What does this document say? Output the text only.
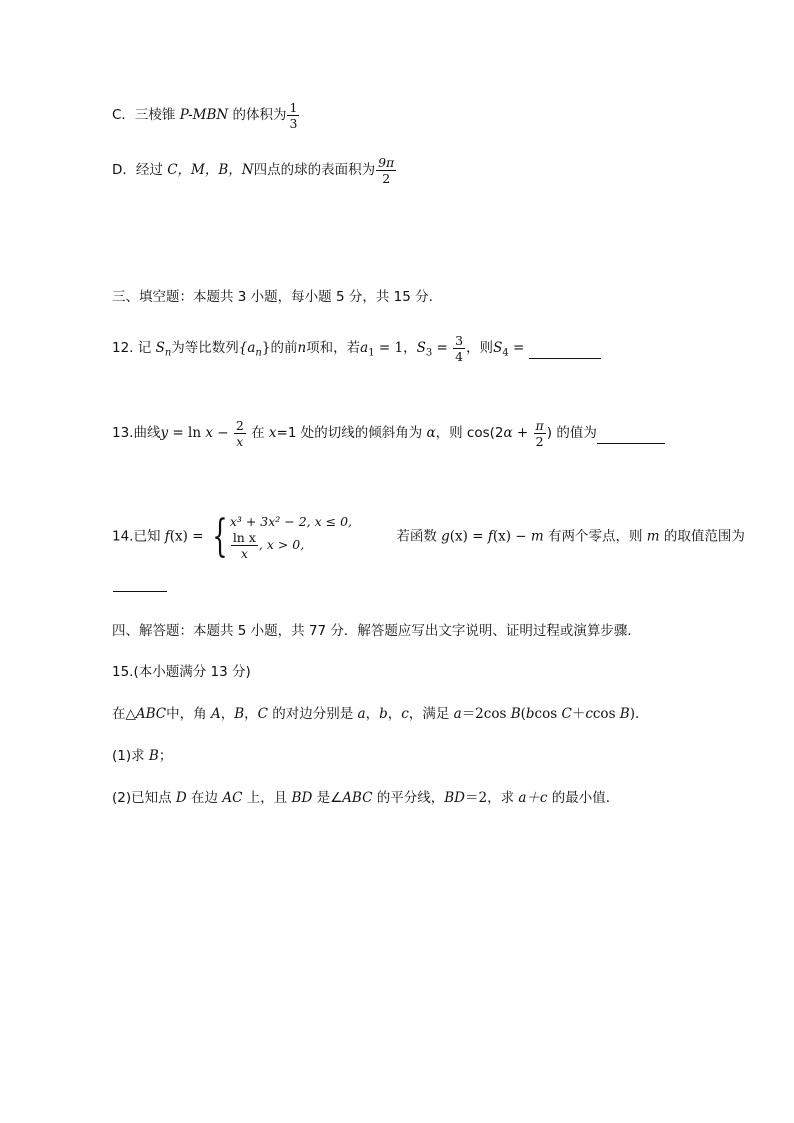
C．三棱锥 P-MBN 的体积为 $\frac{1}{3}$
D．经过 C，M，B，N四点的球的表面积为 $\frac{9\pi}{2}$
三、填空题：本题共 3 小题，每小题 5 分，共 15 分．
12. 记 $S_n$为等比数列$\{a_n\}$的前n项和，若$a_1 = 1$，$S_3 = \frac{3}{4}$ ，则$S_4$ =
13.曲线$y = \ln x - \frac{2}{x}$ 在 x=1 处的切线的倾斜角为 α，则 $\cos(2\alpha + \frac{\pi}{2}$ ) 的值为
14.已知 f(x) = { x³ + 3x² − 2, x ≤ 0,
$\frac{\text{ln x}}{x}$ , x > 0,	若函数 g(x) = f(x) − m 有两个零点，则 m 的取值范围为
四、解答题：本题共 5 小题，共 77 分．解答题应写出文字说明、证明过程或演算步骤．
15.(本小题满分 13 分)
在△ABC中，角 A，B，C 的对边分别是 a，b，c，满足 a＝2cos B(bcos C＋ccos B)．
(1)求 B；
(2)已知点 D 在边 AC 上，且 BD 是∠ABC 的平分线，BD＝2，求 a＋c 的最小值．
